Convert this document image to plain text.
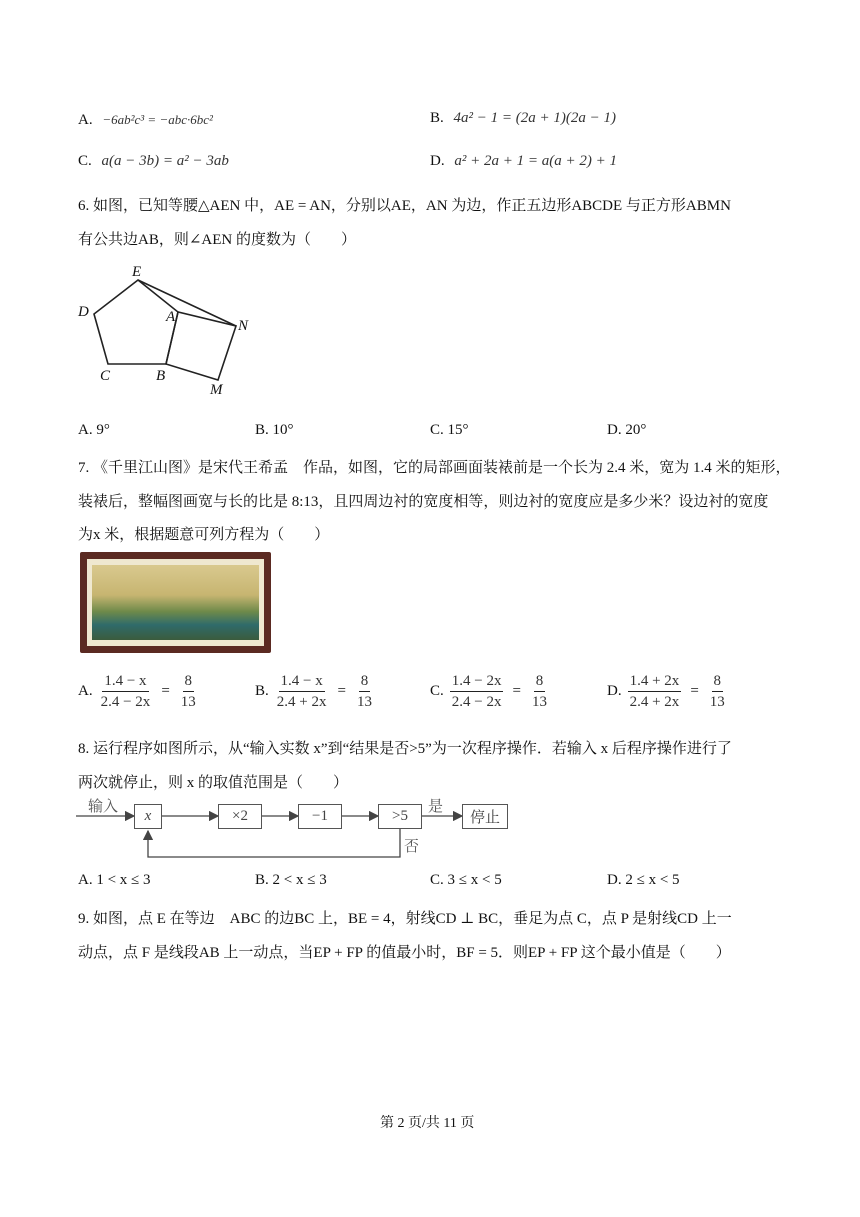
A. −6ab²c³ = −abc·6bc²	B. 4a² − 1 = (2a + 1)(2a − 1)
C. a(a − 3b) = a² − 3ab	D. a² + 2a + 1 = a(a + 2) + 1
6. 如图，已知等腰△AEN 中，AE = AN，分别以AE，AN 为边，作正五边形ABCDE 与正方形ABMN
有公共边AB，则∠AEN 的度数为（　　）
E
D	A
N
C	B
M
A. 9°	B. 10°	C. 15°	D. 20°
7. 《千里江山图》是宋代王希孟　作品，如图，它的局部画面装裱前是一个长为 2.4 米，宽为 1.4 米的矩形，
装裱后，整幅图画宽与长的比是 8:13，且四周边衬的宽度相等，则边衬的宽度应是多少米？设边衬的宽度
为x 米，根据题意可列方程为（　　）
A. $\frac{1.4 - x}{2.4 - 2x} = \frac{8}{13}$	B. $\frac{1.4 - x}{2.4 + 2x} = \frac{8}{13}$	C. $\frac{1.4 - 2x}{2.4 - 2x} = \frac{8}{13}$	D. $\frac{1.4 + 2x}{2.4 + 2x} = \frac{8}{13}$
8. 运行程序如图所示，从“输入实数 x”到“结果是否>5”为一次程序操作．若输入 x 后程序操作进行了
两次就停止，则 x 的取值范围是（　　）
输入
x	×2	−1	>5
是
停止
否
A. 1 < x ≤ 3	B. 2 < x ≤ 3	C. 3 ≤ x < 5	D. 2 ≤ x < 5
9. 如图，点 E 在等边　ABC 的边BC 上，BE = 4，射线CD ⊥ BC，垂足为点 C，点 P 是射线CD 上一
动点，点 F 是线段AB 上一动点，当EP + FP 的值最小时，BF = 5．则EP + FP 这个最小值是（　　）
第 2 页/共 11 页
